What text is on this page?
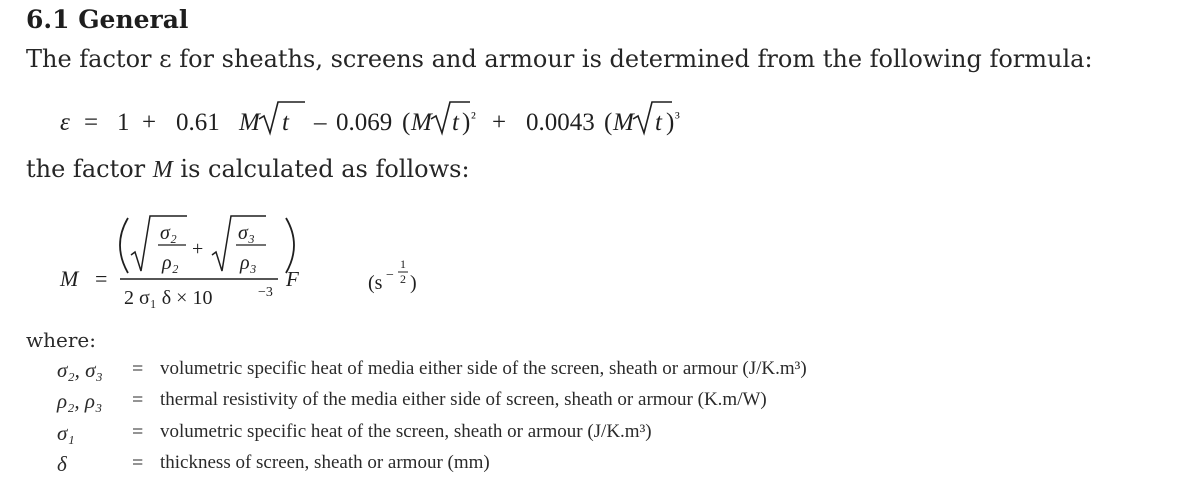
6.1 General
The factor ε for sheaths, screens and armour is determined from the following formula:
ε = 1 + 0.61 M t – 0.069 ( M t ) ² + 0.0043 ( M t ) ³
the factor M is calculated as follows:
M =
σ₂
ρ₂
+
σ₃
ρ₃
2 σ₁ δ × 10	−3
F	(s −
1
2 )
where:
σ₂, σ₃ = volumetric specific heat of media either side of the screen, sheath or armour (J/K.m³)
ρ₂, ρ₃ = thermal resistivity of the media either side of screen, sheath or armour (K.m/W)
σ₁	= volumetric specific heat of the screen, sheath or armour (J/K.m³)
δ	= thickness of screen, sheath or armour (mm)
